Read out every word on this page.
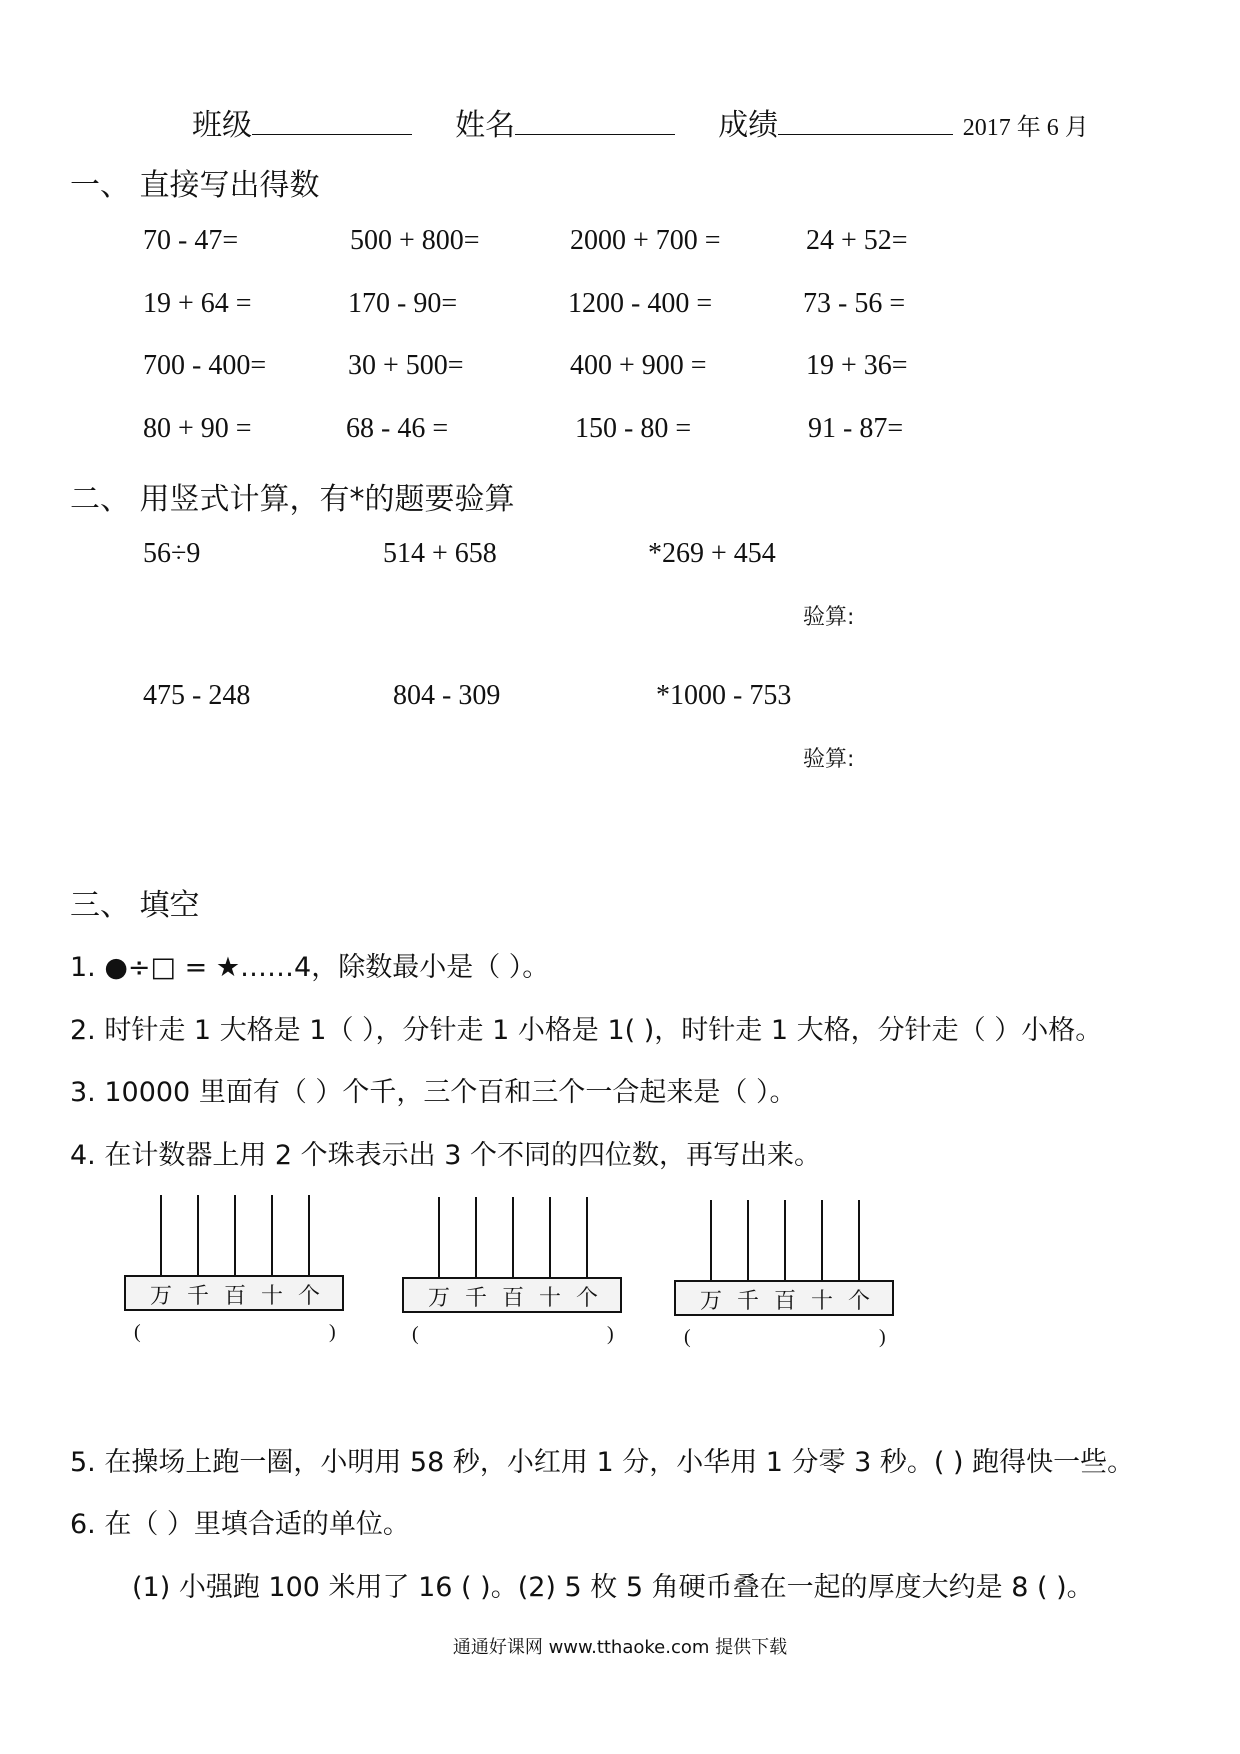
班级	姓名	成绩	2017 年 6 月
一、 直接写出得数
70 - 47=	500 + 800=	2000 + 700 =	24 + 52=
19 + 64 =	170 - 90=	1200 - 400 =	73 - 56 =
700 - 400=	30 + 500=	400 + 900 =	19 + 36=
80 + 90 =	68 - 46 =	150 - 80 =	91 - 87=
二、 用竖式计算，有*的题要验算
56÷9	514 + 658	*269 + 454
验算:
475 - 248	804 - 309	*1000 - 753
验算:
三、 填空
1. ●÷□ = ★……4，除数最小是（ ）。
2. 时针走 1 大格是 1（ ），分针走 1 小格是 1( )，时针走 1 大格，分针走（ ）小格。
3. 10000 里面有（ ）个千，三个百和三个一合起来是（ ）。
4. 在计数器上用 2 个珠表示出 3 个不同的四位数，再写出来。
万 千 百 十 个
(	)
万 千 百 十 个
(	)
万 千 百 十 个
(	)
5. 在操场上跑一圈，小明用 58 秒，小红用 1 分，小华用 1 分零 3 秒。( ) 跑得快一些。
6. 在（ ）里填合适的单位。
(1) 小强跑 100 米用了 16 ( )。(2) 5 枚 5 角硬币叠在一起的厚度大约是 8 ( )。
通通好课网 www.tthaoke.com 提供下载
